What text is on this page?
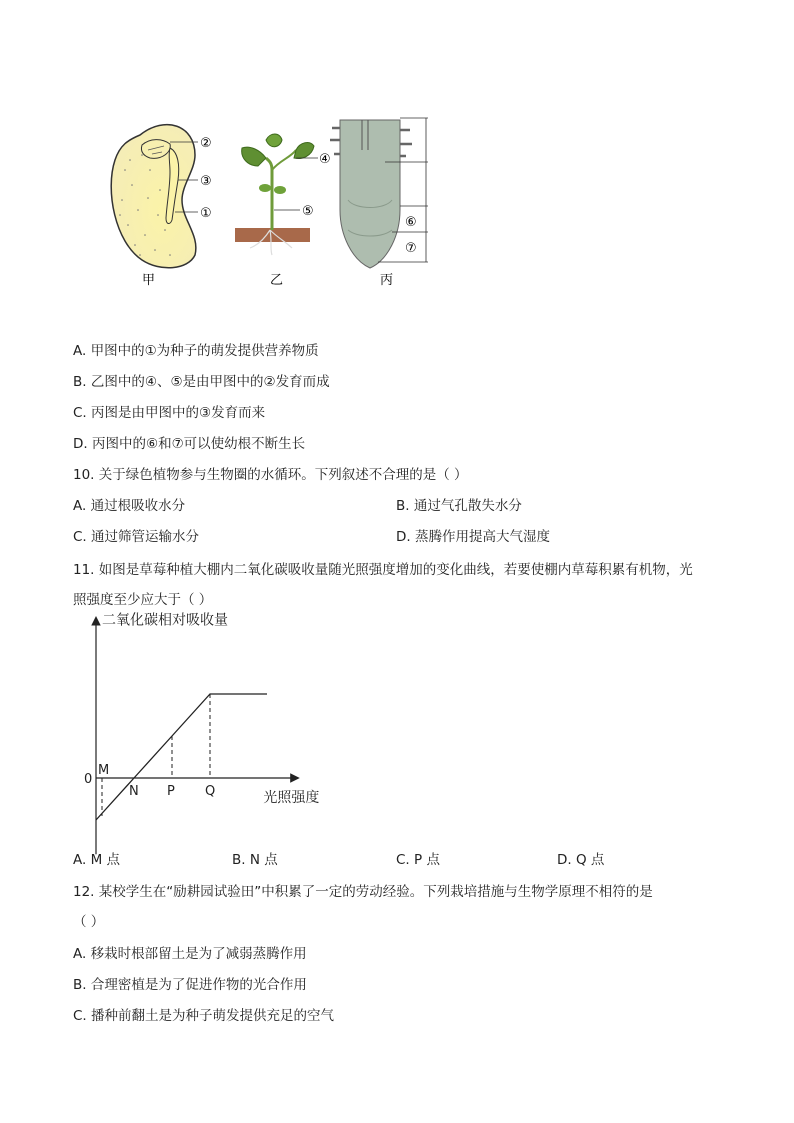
②
③
①
甲
④
⑤
乙
⑥
⑦
丙
A. 甲图中的①为种子的萌发提供营养物质
B. 乙图中的④、⑤是由甲图中的②发育而成
C. 丙图是由甲图中的③发育而来
D. 丙图中的⑥和⑦可以使幼根不断生长
10. 关于绿色植物参与生物圈的水循环。下列叙述不合理的是（ ）
A. 通过根吸收水分	B. 通过气孔散失水分
C. 通过筛管运输水分	D. 蒸腾作用提高大气湿度
11. 如图是草莓种植大棚内二氧化碳吸收量随光照强度增加的变化曲线，若要使棚内草莓积累有机物，光
照强度至少应大于（ ）
二氧化碳相对吸收量
光照强度
0
M
N P Q
A. M 点	B. N 点	C. P 点	D. Q 点
12. 某校学生在“励耕园试验田”中积累了一定的劳动经验。下列栽培措施与生物学原理不相符的是
（ ）
A. 移栽时根部留土是为了减弱蒸腾作用
B. 合理密植是为了促进作物的光合作用
C. 播种前翻土是为种子萌发提供充足的空气
